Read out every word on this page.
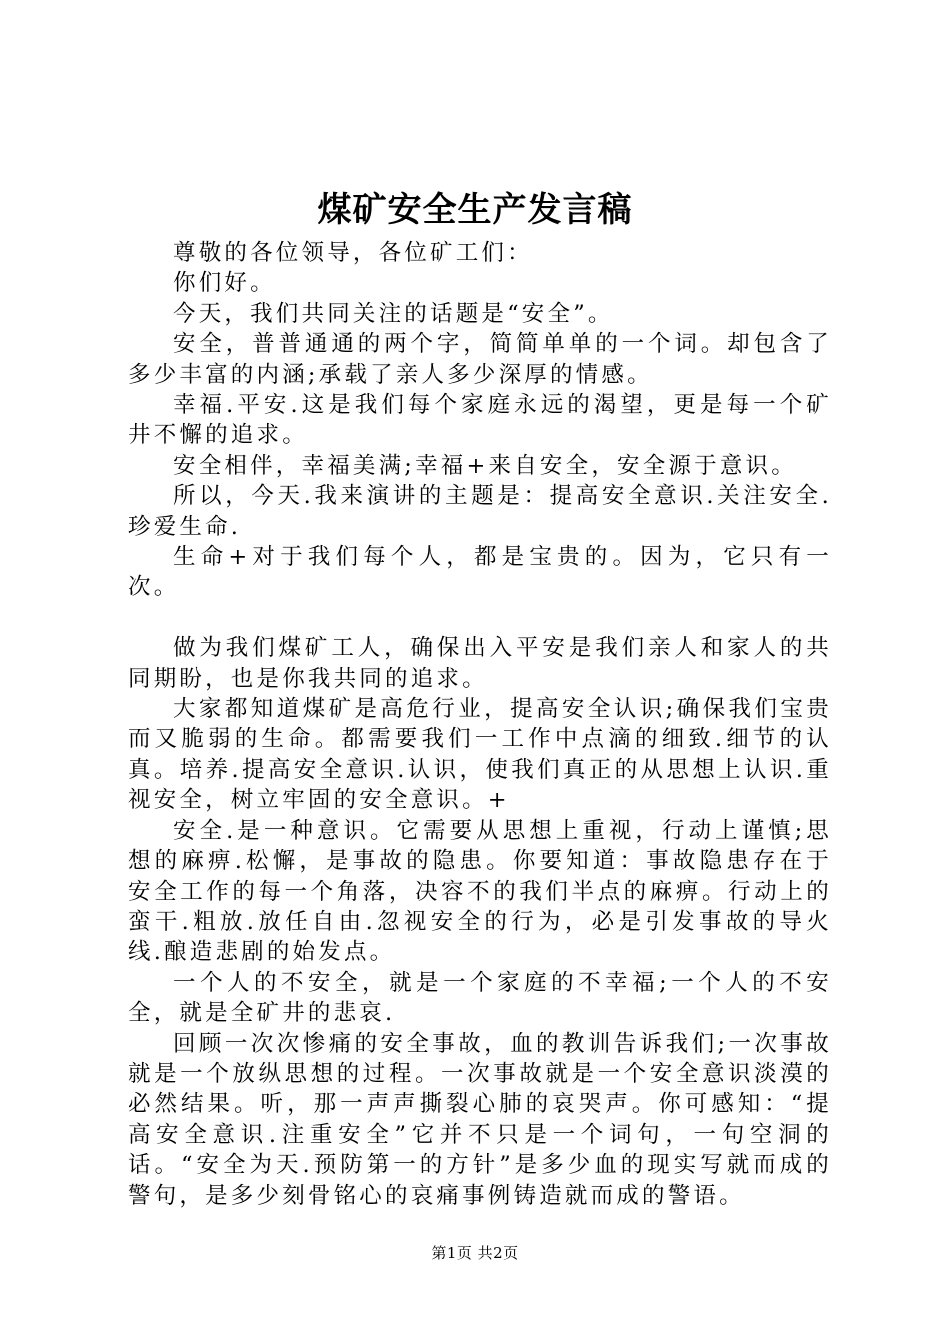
煤矿安全生产发言稿

尊敬的各位领导，各位矿工们：

你们好。

今天，我们共同关注的话题是“安全”。

安全，普普通通的两个字，简简单单的一个词。却包含了多少丰富的内涵;承载了亲人多少深厚的情感。

幸福.平安.这是我们每个家庭永远的渴望，更是每一个矿井不懈的追求。

安全相伴，幸福美满;幸福+来自安全，安全源于意识。

所以，今天.我来演讲的主题是：提高安全意识.关注安全.珍爱生命.

生命+对于我们每个人，都是宝贵的。因为，它只有一次。

做为我们煤矿工人，确保出入平安是我们亲人和家人的共同期盼，也是你我共同的追求。

大家都知道煤矿是高危行业，提高安全认识;确保我们宝贵而又脆弱的生命。都需要我们一工作中点滴的细致.细节的认真。培养.提高安全意识.认识，使我们真正的从思想上认识.重视安全，树立牢固的安全意识。+

安全.是一种意识。它需要从思想上重视，行动上谨慎;思想的麻痹.松懈，是事故的隐患。你要知道：事故隐患存在于安全工作的每一个角落，决容不的我们半点的麻痹。行动上的蛮干.粗放.放任自由.忽视安全的行为，必是引发事故的导火线.酿造悲剧的始发点。

一个人的不安全，就是一个家庭的不幸福;一个人的不安全，就是全矿井的悲哀.

回顾一次次惨痛的安全事故，血的教训告诉我们;一次事故就是一个放纵思想的过程。一次事故就是一个安全意识淡漠的必然结果。听，那一声声撕裂心肺的哀哭声。你可感知：“提高安全意识.注重安全”它并不只是一个词句，一句空洞的话。“安全为天.预防第一的方针”是多少血的现实写就而成的警句，是多少刻骨铭心的哀痛事例铸造就而成的警语。

第1页 共2页
